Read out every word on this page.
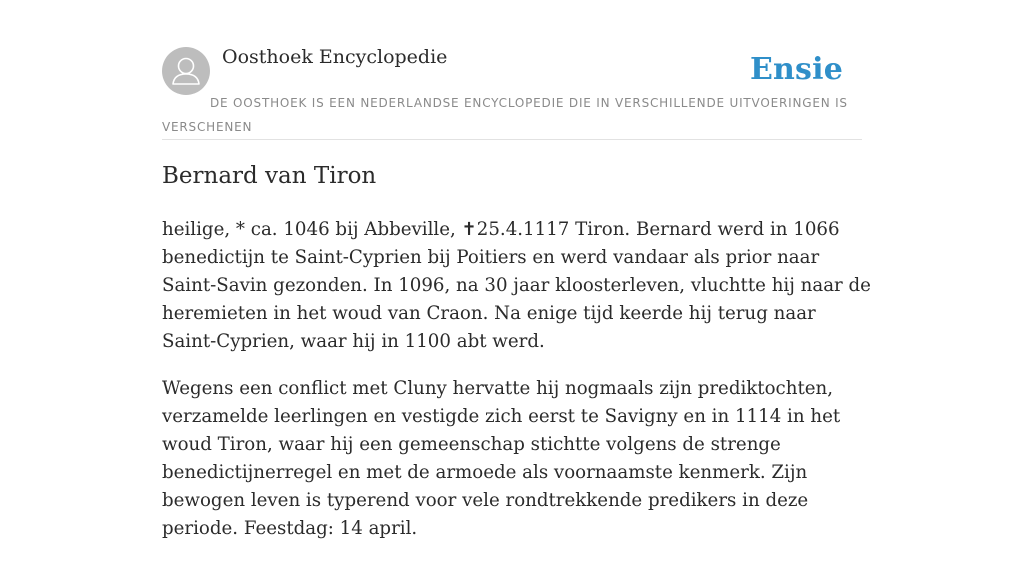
Oosthoek Encyclopedie	Ensie
DE OOSTHOEK IS EEN NEDERLANDSE ENCYCLOPEDIE DIE IN VERSCHILLENDE UITVOERINGEN IS VERSCHENEN
Bernard van Tiron

heilige, * ca. 1046 bij Abbeville, ✝25.4.1117 Tiron. Bernard werd in 1066 benedictijn te Saint-Cyprien bij Poitiers en werd vandaar als prior naar Saint-Savin gezonden. In 1096, na 30 jaar kloosterleven, vluchtte hij naar de heremieten in het woud van Craon. Na enige tijd keerde hij terug naar Saint-Cyprien, waar hij in 1100 abt werd.

Wegens een conflict met Cluny hervatte hij nogmaals zijn prediktochten, verzamelde leerlingen en vestigde zich eerst te Savigny en in 1114 in het woud Tiron, waar hij een gemeenschap stichtte volgens de strenge benedictijnerregel en met de armoede als voornaamste kenmerk. Zijn bewogen leven is typerend voor vele rondtrekkende predikers in deze periode. Feestdag: 14 april.
